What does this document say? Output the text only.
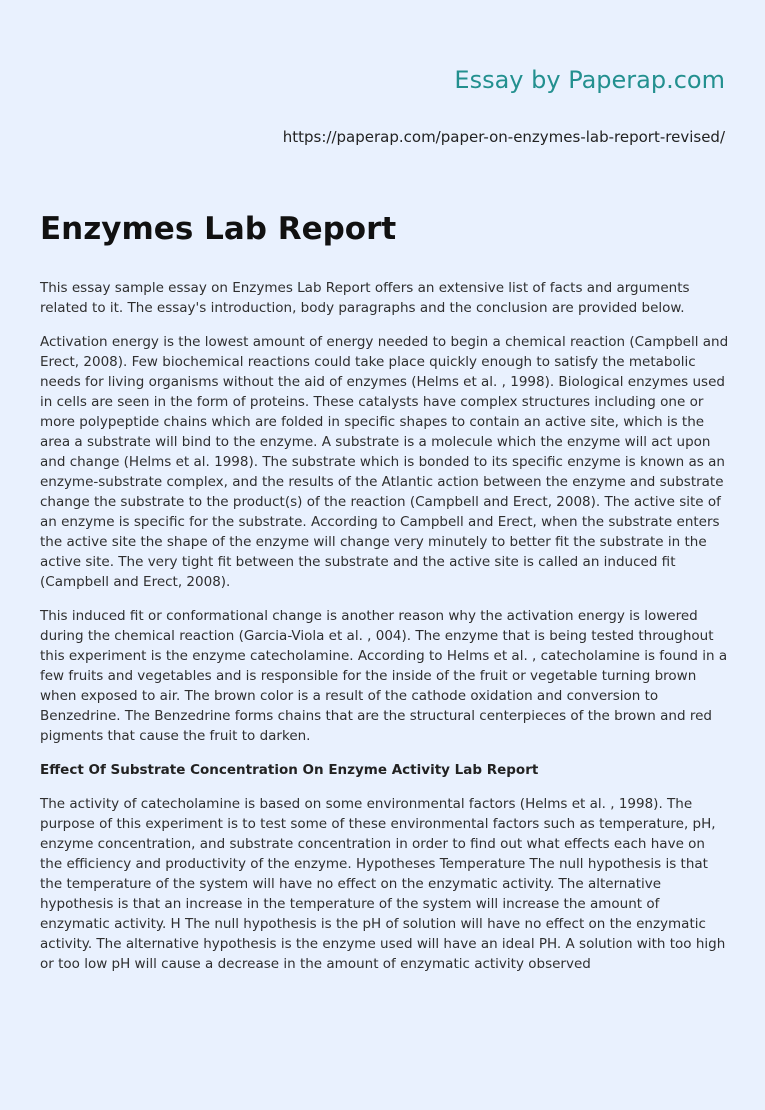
Essay by Paperap.com
https://paperap.com/paper-on-enzymes-lab-report-revised/
Enzymes Lab Report

This essay sample essay on Enzymes Lab Report offers an extensive list of facts and arguments related to it. The essay's introduction, body paragraphs and the conclusion are provided below.

Activation energy is the lowest amount of energy needed to begin a chemical reaction (Campbell and Erect, 2008). Few biochemical reactions could take place quickly enough to satisfy the metabolic needs for living organisms without the aid of enzymes (Helms et al. , 1998). Biological enzymes used in cells are seen in the form of proteins. These catalysts have complex structures including one or more polypeptide chains which are folded in specific shapes to contain an active site, which is the area a substrate will bind to the enzyme. A substrate is a molecule which the enzyme will act upon and change (Helms et al. 1998). The substrate which is bonded to its specific enzyme is known as an enzyme-substrate complex, and the results of the Atlantic action between the enzyme and substrate change the substrate to the product(s) of the reaction (Campbell and Erect, 2008). The active site of an enzyme is specific for the substrate. According to Campbell and Erect, when the substrate enters the active site the shape of the enzyme will change very minutely to better fit the substrate in the active site. The very tight fit between the substrate and the active site is called an induced fit (Campbell and Erect, 2008).

This induced fit or conformational change is another reason why the activation energy is lowered during the chemical reaction (Garcia-Viola et al. , 004). The enzyme that is being tested throughout this experiment is the enzyme catecholamine. According to Helms et al. , catecholamine is found in a few fruits and vegetables and is responsible for the inside of the fruit or vegetable turning brown when exposed to air. The brown color is a result of the cathode oxidation and conversion to Benzedrine. The Benzedrine forms chains that are the structural centerpieces of the brown and red pigments that cause the fruit to darken.

Effect Of Substrate Concentration On Enzyme Activity Lab Report

The activity of catecholamine is based on some environmental factors (Helms et al. , 1998). The purpose of this experiment is to test some of these environmental factors such as temperature, pH, enzyme concentration, and substrate concentration in order to find out what effects each have on the efficiency and productivity of the enzyme. Hypotheses Temperature The null hypothesis is that the temperature of the system will have no effect on the enzymatic activity. The alternative hypothesis is that an increase in the temperature of the system will increase the amount of enzymatic activity. H The null hypothesis is the pH of solution will have no effect on the enzymatic activity. The alternative hypothesis is the enzyme used will have an ideal PH. A solution with too high or too low pH will cause a decrease in the amount of enzymatic activity observed
